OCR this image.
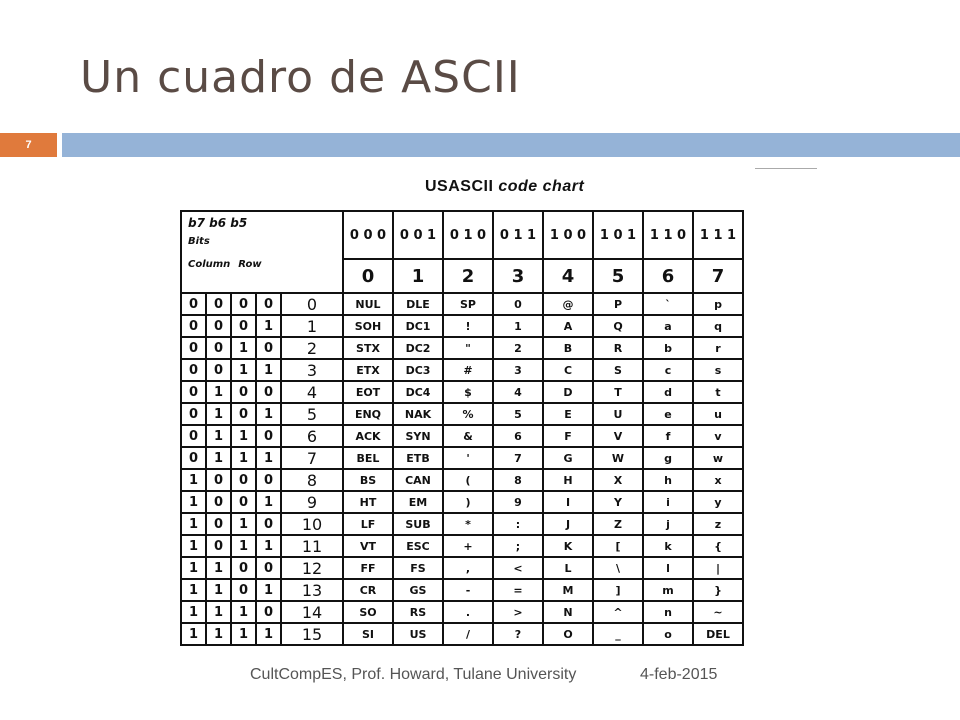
Un cuadro de ASCII
7
USASCII code chart
b7 b6 b5
Bits
Column Row					0 0 0	0 0 1	0 1 0	0 1 1	1 0 0	1 0 1	1 1 0	1 1 1
					0	1	2	3	4	5	6	7
0	0	0	0	0	NUL	DLE	SP	0	@	P	`	p
0	0	0	1	1	SOH	DC1	!	1	A	Q	a	q
0	0	1	0	2	STX	DC2	"	2	B	R	b	r
0	0	1	1	3	ETX	DC3	#	3	C	S	c	s
0	1	0	0	4	EOT	DC4	$	4	D	T	d	t
0	1	0	1	5	ENQ	NAK	%	5	E	U	e	u
0	1	1	0	6	ACK	SYN	&	6	F	V	f	v
0	1	1	1	7	BEL	ETB	'	7	G	W	g	w
1	0	0	0	8	BS	CAN	(	8	H	X	h	x
1	0	0	1	9	HT	EM	)	9	I	Y	i	y
1	0	1	0	10	LF	SUB	*	:	J	Z	j	z
1	0	1	1	11	VT	ESC	+	;	K	[	k	{
1	1	0	0	12	FF	FS	,	<	L	\	l	|
1	1	0	1	13	CR	GS	-	=	M	]	m	}
1	1	1	0	14	SO	RS	.	>	N	^	n	~
1	1	1	1	15	SI	US	/	?	O	_	o	DEL
CultCompES, Prof. Howard, Tulane University	4-feb-2015
